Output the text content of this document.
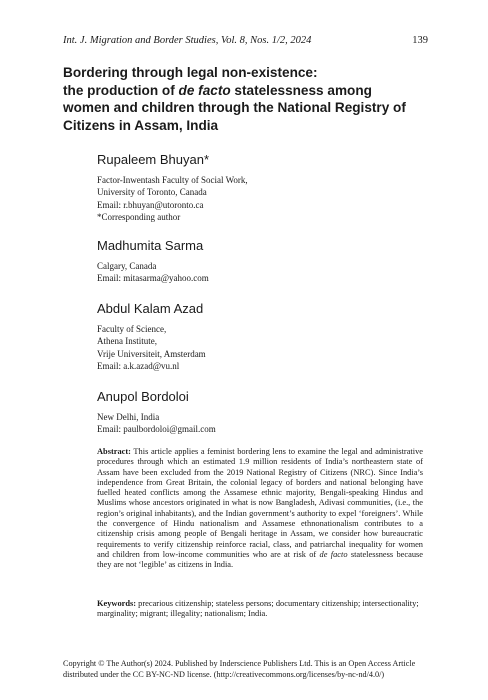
Int. J. Migration and Border Studies, Vol. 8, Nos. 1/2, 2024	139
Bordering through legal non-existence:
the production of de facto statelessness among
women and children through the National Registry of
Citizens in Assam, India
Rupaleem Bhuyan*
Factor-Inwentash Faculty of Social Work,
University of Toronto, Canada
Email: r.bhuyan@utoronto.ca
*Corresponding author
Madhumita Sarma
Calgary, Canada
Email: mitasarma@yahoo.com
Abdul Kalam Azad
Faculty of Science,
Athena Institute,
Vrije Universiteit, Amsterdam
Email: a.k.azad@vu.nl
Anupol Bordoloi
New Delhi, India
Email: paulbordoloi@gmail.com
Abstract: This article applies a feminist bordering lens to examine the legal and administrative procedures through which an estimated 1.9 million residents of India’s northeastern state of Assam have been excluded from the 2019 National Registry of Citizens (NRC). Since India’s independence from Great Britain, the colonial legacy of borders and national belonging have fuelled heated conflicts among the Assamese ethnic majority, Bengali-speaking Hindus and Muslims whose ancestors originated in what is now Bangladesh, Adivasi communities, (i.e., the region’s original inhabitants), and the Indian government’s authority to expel ‘foreigners’. While the convergence of Hindu nationalism and Assamese ethnonationalism contributes to a citizenship crisis among people of Bengali heritage in Assam, we consider how bureaucratic requirements to verify citizenship reinforce racial, class, and patriarchal inequality for women and children from low-income communities who are at risk of de facto statelessness because they are not ‘legible’ as citizens in India.
Keywords: precarious citizenship; stateless persons; documentary citizenship; intersectionality; marginality; migrant; illegality; nationalism; India.
Copyright © The Author(s) 2024. Published by Inderscience Publishers Ltd. This is an Open Access Article
distributed under the CC BY-NC-ND license. (http://creativecommons.org/licenses/by-nc-nd/4.0/)
